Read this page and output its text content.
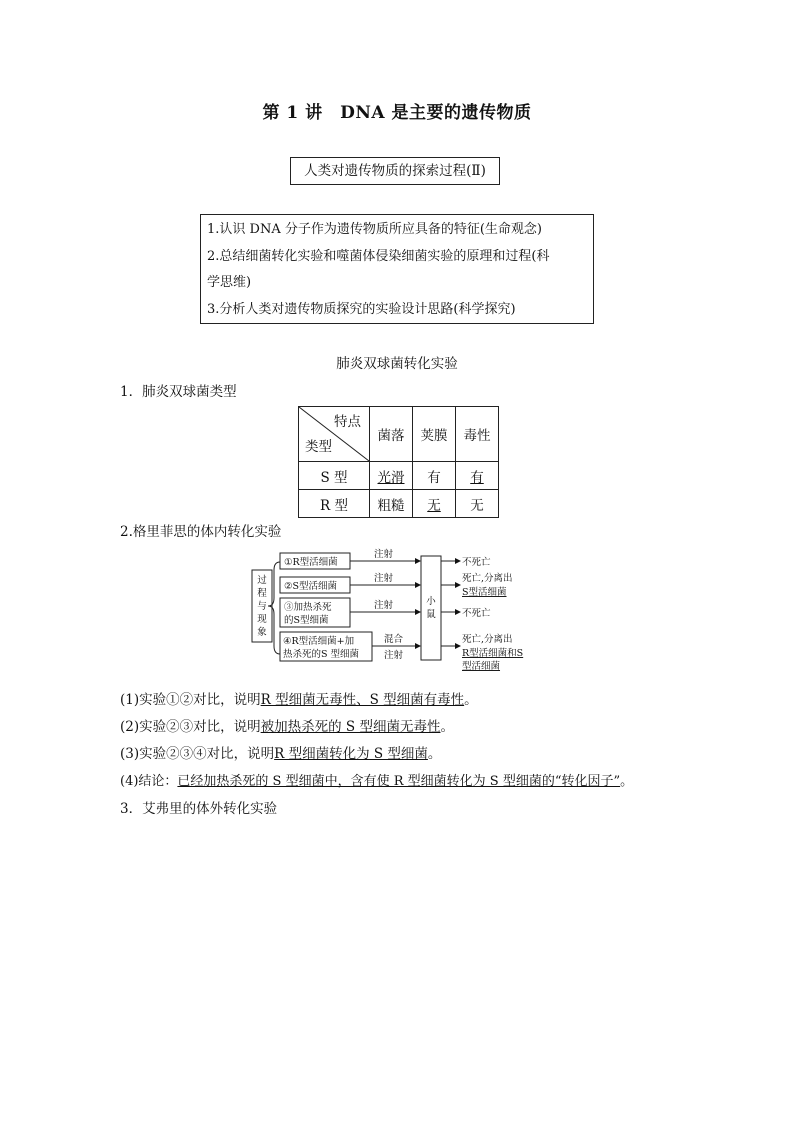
第 1 讲　DNA 是主要的遗传物质
人类对遗传物质的探索过程(Ⅱ)
1.认识 DNA 分子作为遗传物质所应具备的特征(生命观念)
2.总结细菌转化实验和噬菌体侵染细菌实验的原理和过程(科
学思维)
3.分析人类对遗传物质探究的实验设计思路(科学探究)
肺炎双球菌转化实验
1．肺炎双球菌类型
特点
类型	菌落	荚膜	毒性
S 型	光滑	有	有
R 型	粗糙	无	无
2.格里菲思的体内转化实验
过
程
与
现
象
①R型活细菌
②S型活细菌
③加热杀死
的S型细菌
④R型活细菌+加
热杀死的S 型细菌
小
鼠
注射
注射
注射
混合
注射
不死亡
死亡,分离出
S型活细菌
不死亡
死亡,分离出
R型活细菌和S
型活细菌
(1)实验①②对比，说明R 型细菌无毒性、S 型细菌有毒性。
(2)实验②③对比，说明被加热杀死的 S 型细菌无毒性。
(3)实验②③④对比，说明R 型细菌转化为 S 型细菌。
(4)结论：已经加热杀死的 S 型细菌中，含有使 R 型细菌转化为 S 型细菌的“转化因子”。
3．艾弗里的体外转化实验
